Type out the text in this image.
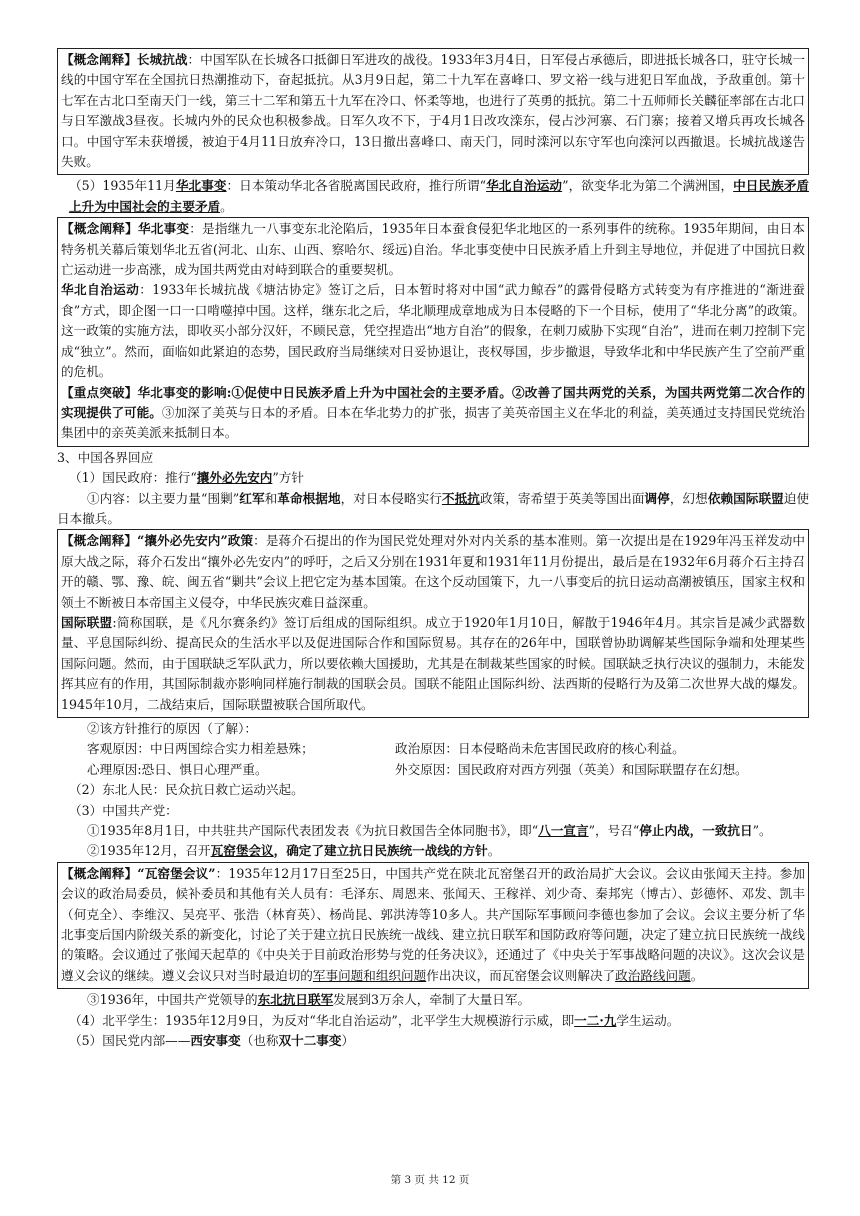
【概念阐释】长城抗战：中国军队在长城各口抵御日军进攻的战役。1933年3月4日，日军侵占承德后，即进抵长城各口，驻守长城一线的中国守军在全国抗日热潮推动下，奋起抵抗。从3月9日起，第二十九军在喜峰口、罗文裕一线与进犯日军血战，予敌重创。第十七军在古北口至南天门一线，第三十二军和第五十九军在冷口、怀柔等地，也进行了英勇的抵抗。第二十五师师长关麟征率部在古北口与日军激战3昼夜。长城内外的民众也积极参战。日军久攻不下，于4月1日改攻滦东，侵占沙河寨、石门寨；接着又增兵再攻长城各口。中国守军未获增援，被迫于4月11日放弃冷口，13日撤出喜峰口、南天门，同时滦河以东守军也向滦河以西撤退。长城抗战遂告失败。

（5）1935年11月华北事变：日本策动华北各省脱离国民政府，推行所谓“华北自治运动”，欲变华北为第二个满洲国，中日民族矛盾上升为中国社会的主要矛盾。

【概念阐释】华北事变：是指继九一八事变东北沦陷后，1935年日本蚕食侵犯华北地区的一系列事件的统称。1935年期间，由日本特务机关幕后策划华北五省(河北、山东、山西、察哈尔、绥远)自治。华北事变使中日民族矛盾上升到主导地位，并促进了中国抗日救亡运动进一步高涨，成为国共两党由对峙到联合的重要契机。

华北自治运动：1933年长城抗战《塘沽协定》签订之后，日本暂时将对中国“武力鲸吞”的露骨侵略方式转变为有序推进的“渐进蚕食”方式，即企图一口一口啃噬掉中国。这样，继东北之后，华北顺理成章地成为日本侵略的下一个目标，使用了“华北分离”的政策。这一政策的实施方法，即收买小部分汉奸，不顾民意，凭空捏造出“地方自治”的假象，在刺刀威胁下实现“自治”，进而在刺刀控制下完成“独立”。然而，面临如此紧迫的态势，国民政府当局继续对日妥协退让，丧权辱国，步步撤退，导致华北和中华民族产生了空前严重的危机。

【重点突破】华北事变的影响:①促使中日民族矛盾上升为中国社会的主要矛盾。②改善了国共两党的关系，为国共两党第二次合作的实现提供了可能。③加深了美英与日本的矛盾。日本在华北势力的扩张，损害了美英帝国主义在华北的利益，美英通过支持国民党统治集团中的亲英美派来抵制日本。

3、中国各界回应

（1）国民政府：推行“攘外必先安内”方针

①内容：以主要力量“围剿”红军和革命根据地，对日本侵略实行不抵抗政策，寄希望于英美等国出面调停，幻想依赖国际联盟迫使日本撤兵。

【概念阐释】“攘外必先安内”政策：是蒋介石提出的作为国民党处理对外对内关系的基本准则。第一次提出是在1929年冯玉祥发动中原大战之际，蒋介石发出“攘外必先安内”的呼吁，之后又分别在1931年夏和1931年11月份提出，最后是在1932年6月蒋介石主持召开的赣、鄂、豫、皖、闽五省“剿共”会议上把它定为基本国策。在这个反动国策下，九一八事变后的抗日运动高潮被镇压，国家主权和领土不断被日本帝国主义侵夺，中华民族灾难日益深重。

国际联盟:简称国联，是《凡尔赛条约》签订后组成的国际组织。成立于1920年1月10日，解散于1946年4月。其宗旨是减少武器数量、平息国际纠纷、提高民众的生活水平以及促进国际合作和国际贸易。其存在的26年中，国联曾协助调解某些国际争端和处理某些国际问题。然而，由于国联缺乏军队武力，所以要依赖大国援助，尤其是在制裁某些国家的时候。国联缺乏执行决议的强制力，未能发挥其应有的作用，其国际制裁亦影响同样施行制裁的国联会员。国联不能阻止国际纠纷、法西斯的侵略行为及第二次世界大战的爆发。1945年10月，二战结束后，国际联盟被联合国所取代。

②该方针推行的原因（了解）：

客观原因：中日两国综合实力相差悬殊；	政治原因：日本侵略尚未危害国民政府的核心利益。
心理原因:恐日、惧日心理严重。	外交原因：国民政府对西方列强（英美）和国际联盟存在幻想。

（2）东北人民：民众抗日救亡运动兴起。

（3）中国共产党：

①1935年8月1日，中共驻共产国际代表团发表《为抗日救国告全体同胞书》，即“八一宣言”，号召“停止内战，一致抗日”。

②1935年12月，召开瓦窑堡会议，确定了建立抗日民族统一战线的方针。

【概念阐释】“瓦窑堡会议”：1935年12月17日至25日，中国共产党在陕北瓦窑堡召开的政治局扩大会议。会议由张闻天主持。参加会议的政治局委员，候补委员和其他有关人员有：毛泽东、周恩来、张闻天、王稼祥、刘少奇、秦邦宪（博古）、彭德怀、邓发、凯丰（何克全）、李维汉、吴亮平、张浩（林育英）、杨尚昆、郭洪涛等10多人。共产国际军事顾问李德也参加了会议。会议主要分析了华北事变后国内阶级关系的新变化，讨论了关于建立抗日民族统一战线、建立抗日联军和国防政府等问题，决定了建立抗日民族统一战线的策略。会议通过了张闻天起草的《中央关于目前政治形势与党的任务决议》，还通过了《中央关于军事战略问题的决议》。这次会议是遵义会议的继续。遵义会议只对当时最迫切的军事问题和组织问题作出决议，而瓦窑堡会议则解决了政治路线问题。

③1936年，中国共产党领导的东北抗日联军发展到3万余人，牵制了大量日军。

（4）北平学生：1935年12月9日，为反对“华北自治运动”，北平学生大规模游行示威，即一二·九学生运动。

（5）国民党内部——西安事变（也称双十二事变）

第 3 页 共 12 页
